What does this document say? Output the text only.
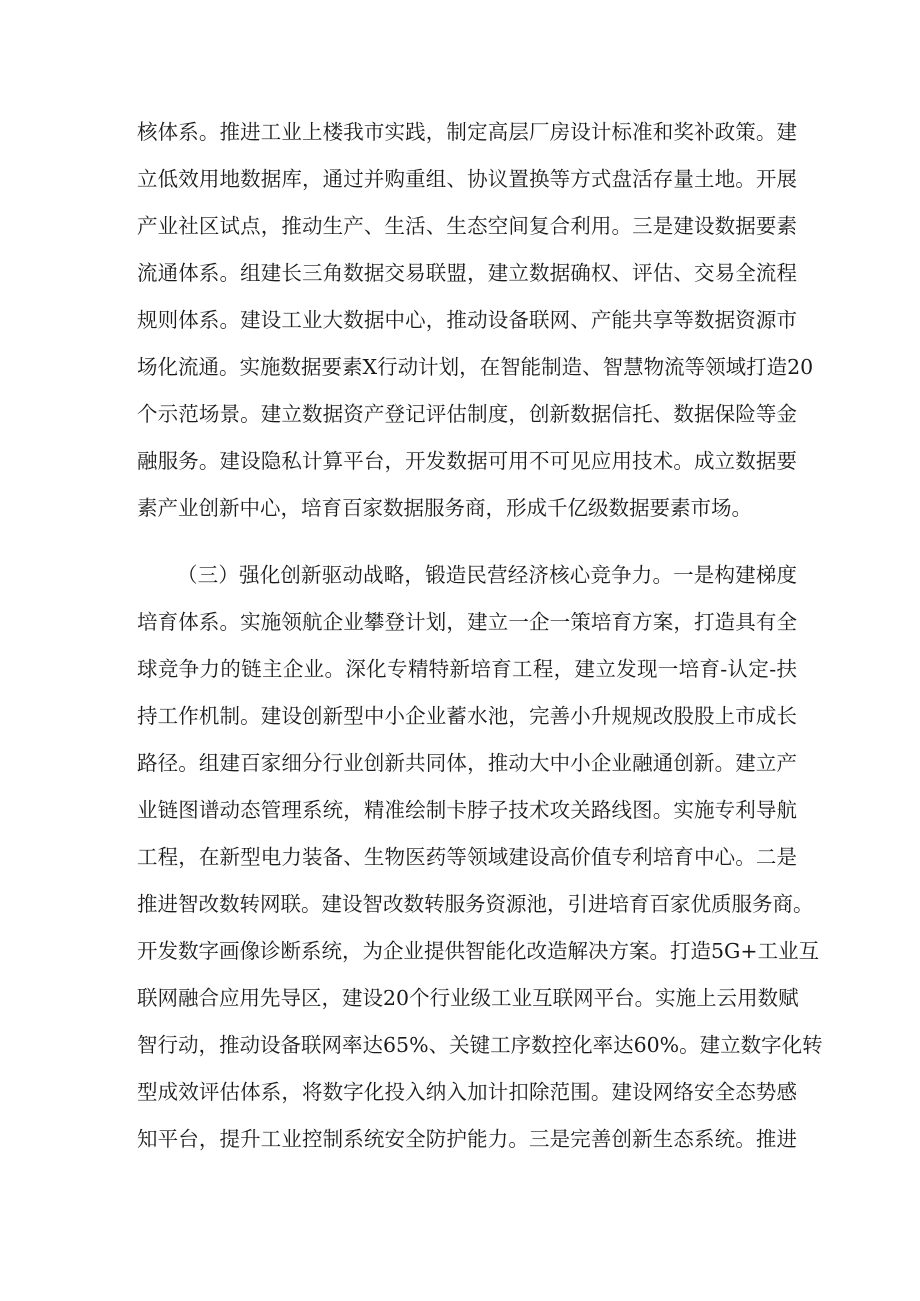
核体系。推进工业上楼我市实践，制定高层厂房设计标准和奖补政策。建
立低效用地数据库，通过并购重组、协议置换等方式盘活存量土地。开展
产业社区试点，推动生产、生活、生态空间复合利用。三是建设数据要素
流通体系。组建长三角数据交易联盟，建立数据确权、评估、交易全流程
规则体系。建设工业大数据中心，推动设备联网、产能共享等数据资源市
场化流通。实施数据要素X行动计划，在智能制造、智慧物流等领域打造20
个示范场景。建立数据资产登记评估制度，创新数据信托、数据保险等金
融服务。建设隐私计算平台，开发数据可用不可见应用技术。成立数据要
素产业创新中心，培育百家数据服务商，形成千亿级数据要素市场。
（三）强化创新驱动战略，锻造民营经济核心竞争力。一是构建梯度
培育体系。实施领航企业攀登计划，建立一企一策培育方案，打造具有全
球竞争力的链主企业。深化专精特新培育工程，建立发现一培育-认定-扶
持工作机制。建设创新型中小企业蓄水池，完善小升规规改股股上市成长
路径。组建百家细分行业创新共同体，推动大中小企业融通创新。建立产
业链图谱动态管理系统，精准绘制卡脖子技术攻关路线图。实施专利导航
工程，在新型电力装备、生物医药等领域建设高价值专利培育中心。二是
推进智改数转网联。建设智改数转服务资源池，引进培育百家优质服务商。
开发数字画像诊断系统，为企业提供智能化改造解决方案。打造5G+工业互
联网融合应用先导区，建设20个行业级工业互联网平台。实施上云用数赋
智行动，推动设备联网率达65%、关键工序数控化率达60%。建立数字化转
型成效评估体系，将数字化投入纳入加计扣除范围。建设网络安全态势感
知平台，提升工业控制系统安全防护能力。三是完善创新生态系统。推进
